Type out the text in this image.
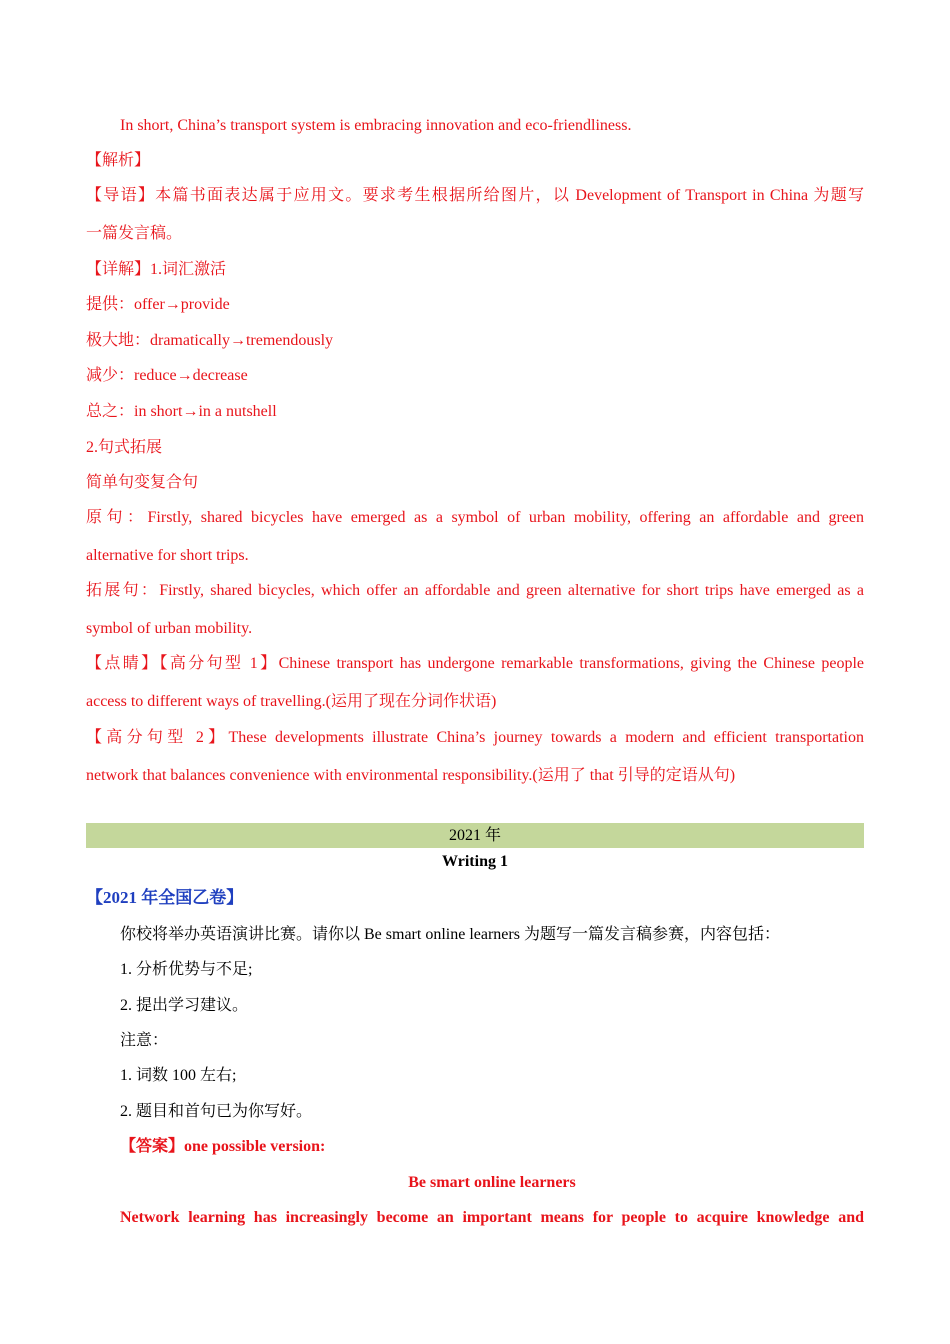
In short, China’s transport system is embracing innovation and eco-friendliness.
【解析】
【导语】本篇书面表达属于应用文。要求考生根据所给图片，以 Development of Transport in China 为题写
一篇发言稿。
【详解】1.词汇激活
提供：offer→provide
极大地：dramatically→tremendously
减少：reduce→decrease
总之：in short→in a nutshell
2.句式拓展
简单句变复合句
原句：Firstly, shared bicycles have emerged as a symbol of urban mobility, offering an affordable and green
alternative for short trips.
拓展句：Firstly, shared bicycles, which offer an affordable and green alternative for short trips have emerged as a
symbol of urban mobility.
【点睛】【高分句型 1】Chinese transport has undergone remarkable transformations, giving the Chinese people
access to different ways of travelling.(运用了现在分词作状语)
【高分句型 2】These developments illustrate China’s journey towards a modern and efficient transportation
network that balances convenience with environmental responsibility.(运用了 that 引导的定语从句)
2021 年
Writing 1
【2021 年全国乙卷】
你校将举办英语演讲比赛。请你以 Be smart online learners 为题写一篇发言稿参赛，内容包括：
1. 分析优势与不足;
2. 提出学习建议。
注意：
1. 词数 100 左右;
2. 题目和首句已为你写好。
【答案】one possible version:
Be smart online learners
Network learning has increasingly become an important means for people to acquire knowledge and
